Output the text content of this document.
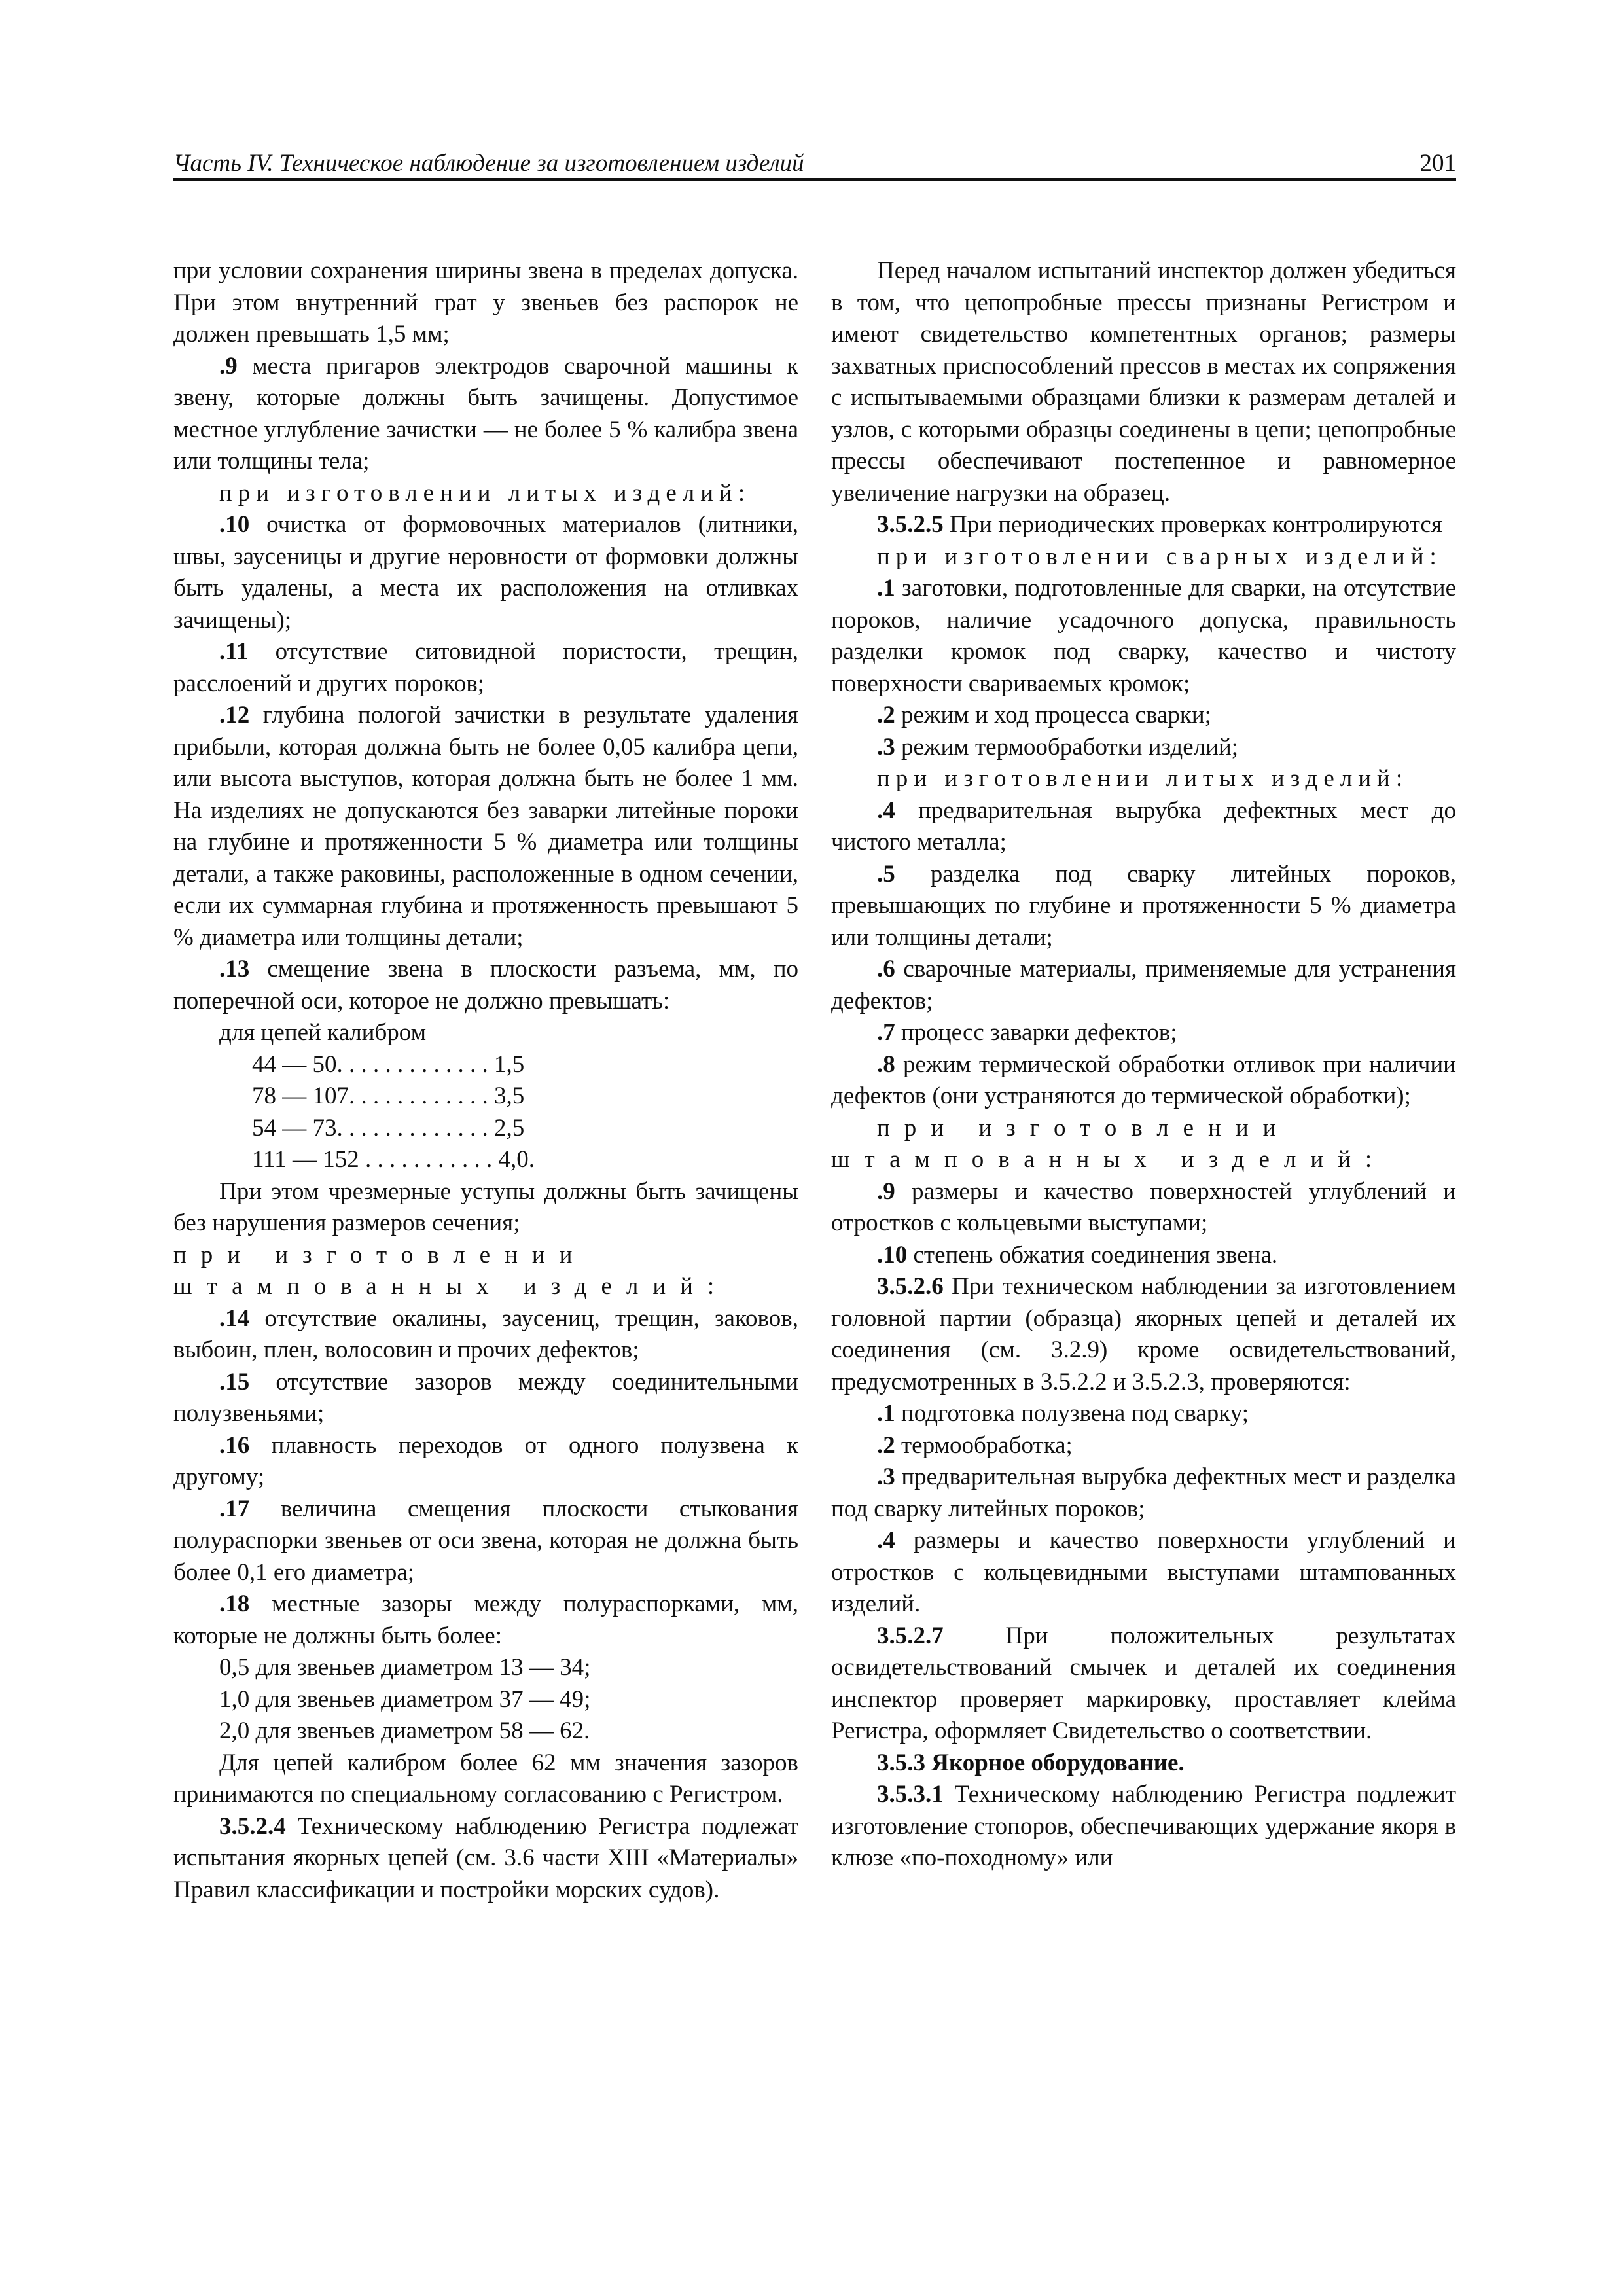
Часть IV. Техническое наблюдение за изготовлением изделий	201

при условии сохранения ширины звена в пределах допуска. При этом внутренний грат у звеньев без распорок не должен превышать 1,5 мм;

.9 места пригаров электродов сварочной машины к звену, которые должны быть зачищены. Допустимое местное углубление зачистки — не более 5 % калибра звена или толщины тела;

при изготовлении литых изделий:

.10 очистка от формовочных материалов (литники, швы, заусеницы и другие неровности от формовки должны быть удалены, а места их расположения на отливках зачищены);

.11 отсутствие ситовидной пористости, трещин, расслоений и других пороков;

.12 глубина пологой зачистки в результате удаления прибыли, которая должна быть не более 0,05 калибра цепи, или высота выступов, которая должна быть не более 1 мм. На изделиях не допускаются без заварки литейные пороки на глубине и протяженности 5 % диаметра или толщины детали, а также раковины, расположенные в одном сечении, если их суммарная глубина и протяженность превышают 5 % диаметра или толщины детали;

.13 смещение звена в плоскости разъема, мм, по поперечной оси, которое не должно превышать:

для цепей калибром

44 — 50. . . . . . . . . . . . . 1,5

78 — 107. . . . . . . . . . . . 3,5

54 — 73. . . . . . . . . . . . . 2,5

111 — 152 . . . . . . . . . . . 4,0.

При этом чрезмерные уступы должны быть зачищены без нарушения размеров сечения;

при изготовлении штампованных изделий:

.14 отсутствие окалины, заусениц, трещин, заковов, выбоин, плен, волосовин и прочих дефектов;

.15 отсутствие зазоров между соединительными полузвеньями;

.16 плавность переходов от одного полузвена к другому;

.17 величина смещения плоскости стыкования полураспорки звеньев от оси звена, которая не должна быть более 0,1 его диаметра;

.18 местные зазоры между полураспорками, мм, которые не должны быть более:

0,5 для звеньев диаметром 13 — 34;

1,0 для звеньев диаметром 37 — 49;

2,0 для звеньев диаметром 58 — 62.

Для цепей калибром более 62 мм значения зазоров принимаются по специальному согласованию с Регистром.

3.5.2.4 Техническому наблюдению Регистра подлежат испытания якорных цепей (см. 3.6 части XIII «Материалы» Правил классификации и постройки морских судов).

Перед началом испытаний инспектор должен убедиться в том, что цепопробные прессы признаны Регистром и имеют свидетельство компетентных органов; размеры захватных приспособлений прессов в местах их сопряжения с испытываемыми образцами близки к размерам деталей и узлов, с которыми образцы соединены в цепи; цепопробные прессы обеспечивают постепенное и равномерное увеличение нагрузки на образец.

3.5.2.5 При периодических проверках контролируются

при изготовлении сварных изделий:

.1 заготовки, подготовленные для сварки, на отсутствие пороков, наличие усадочного допуска, правильность разделки кромок под сварку, качество и чистоту поверхности свариваемых кромок;

.2 режим и ход процесса сварки;

.3 режим термообработки изделий;

при изготовлении литых изделий:

.4 предварительная вырубка дефектных мест до чистого металла;

.5 разделка под сварку литейных пороков, превышающих по глубине и протяженности 5 % диаметра или толщины детали;

.6 сварочные материалы, применяемые для устранения дефектов;

.7 процесс заварки дефектов;

.8 режим термической обработки отливок при наличии дефектов (они устраняются до термической обработки);

при изготовлении штампованных изделий:

.9 размеры и качество поверхностей углублений и отростков с кольцевыми выступами;

.10 степень обжатия соединения звена.

3.5.2.6 При техническом наблюдении за изготовлением головной партии (образца) якорных цепей и деталей их соединения (см. 3.2.9) кроме освидетельствований, предусмотренных в 3.5.2.2 и 3.5.2.3, проверяются:

.1 подготовка полузвена под сварку;

.2 термообработка;

.3 предварительная вырубка дефектных мест и разделка под сварку литейных пороков;

.4 размеры и качество поверхности углублений и отростков с кольцевидными выступами штампованных изделий.

3.5.2.7 При положительных результатах освидетельствований смычек и деталей их соединения инспектор проверяет маркировку, проставляет клейма Регистра, оформляет Свидетельство о соответствии.

3.5.3 Якорное оборудование.

3.5.3.1 Техническому наблюдению Регистра подлежит изготовление стопоров, обеспечивающих удержание якоря в клюзе «по-походному» или
